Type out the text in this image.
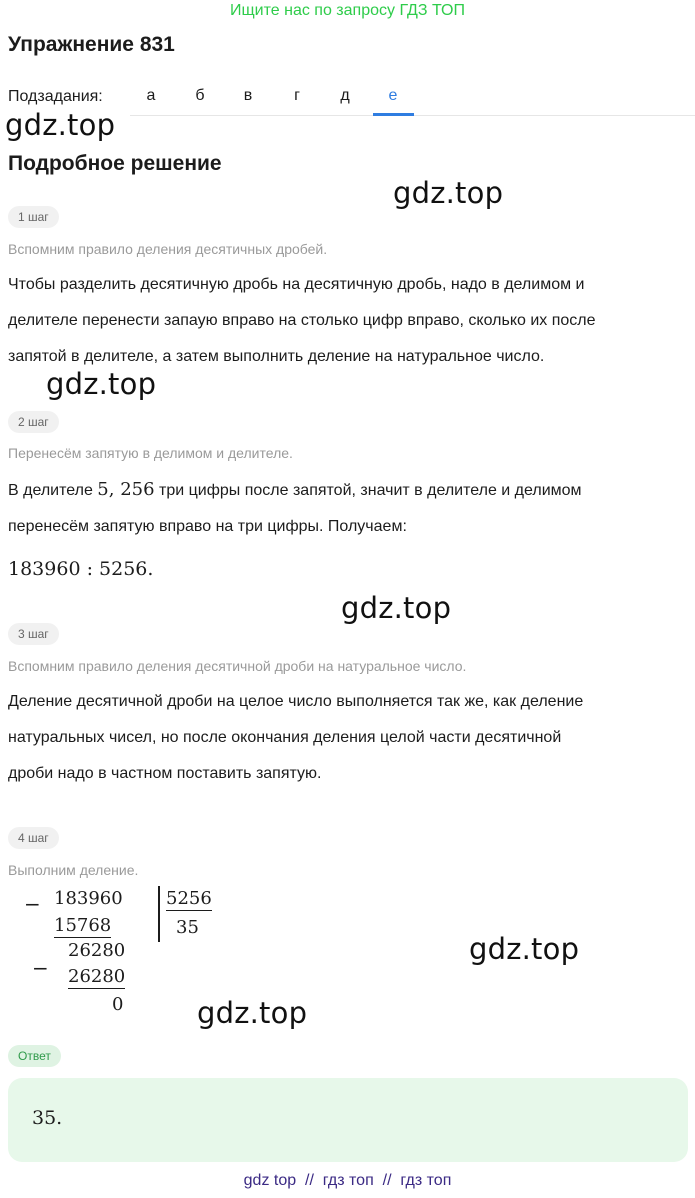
Ищите нас по запросу ГДЗ ТОП
Упражнение 831
Подзадания:	а	б	в	г	д	е
gdz.top
Подробное решение
gdz.top
1 шаг
Вспомним правило деления десятичных дробей.
Чтобы разделить десятичную дробь на десятичную дробь, надо в делимом и
делителе перенести запаую вправо на столько цифр вправо, сколько их после
запятой в делителе, а затем выполнить деление на натуральное число.
gdz.top
2 шаг
Перенесём запятую в делимом и делителе.
В делителе 5, 256 три цифры после запятой, значит в делителе и делимом
перенесём запятую вправо на три цифры. Получаем:
183960 : 5256.
gdz.top
3 шаг
Вспомним правило деления десятичной дроби на натуральное число.
Деление десятичной дроби на целое число выполняется так же, как деление
натуральных чисел, но после окончания деления целой части десятичной
дроби надо в частном поставить запятую.
4 шаг
Выполним деление.
− 183960
15768
−
26280
26280
0
5256
35
gdz.top
gdz.top
Ответ
35.
gdz top  //  гдз топ  //  гдз топ
